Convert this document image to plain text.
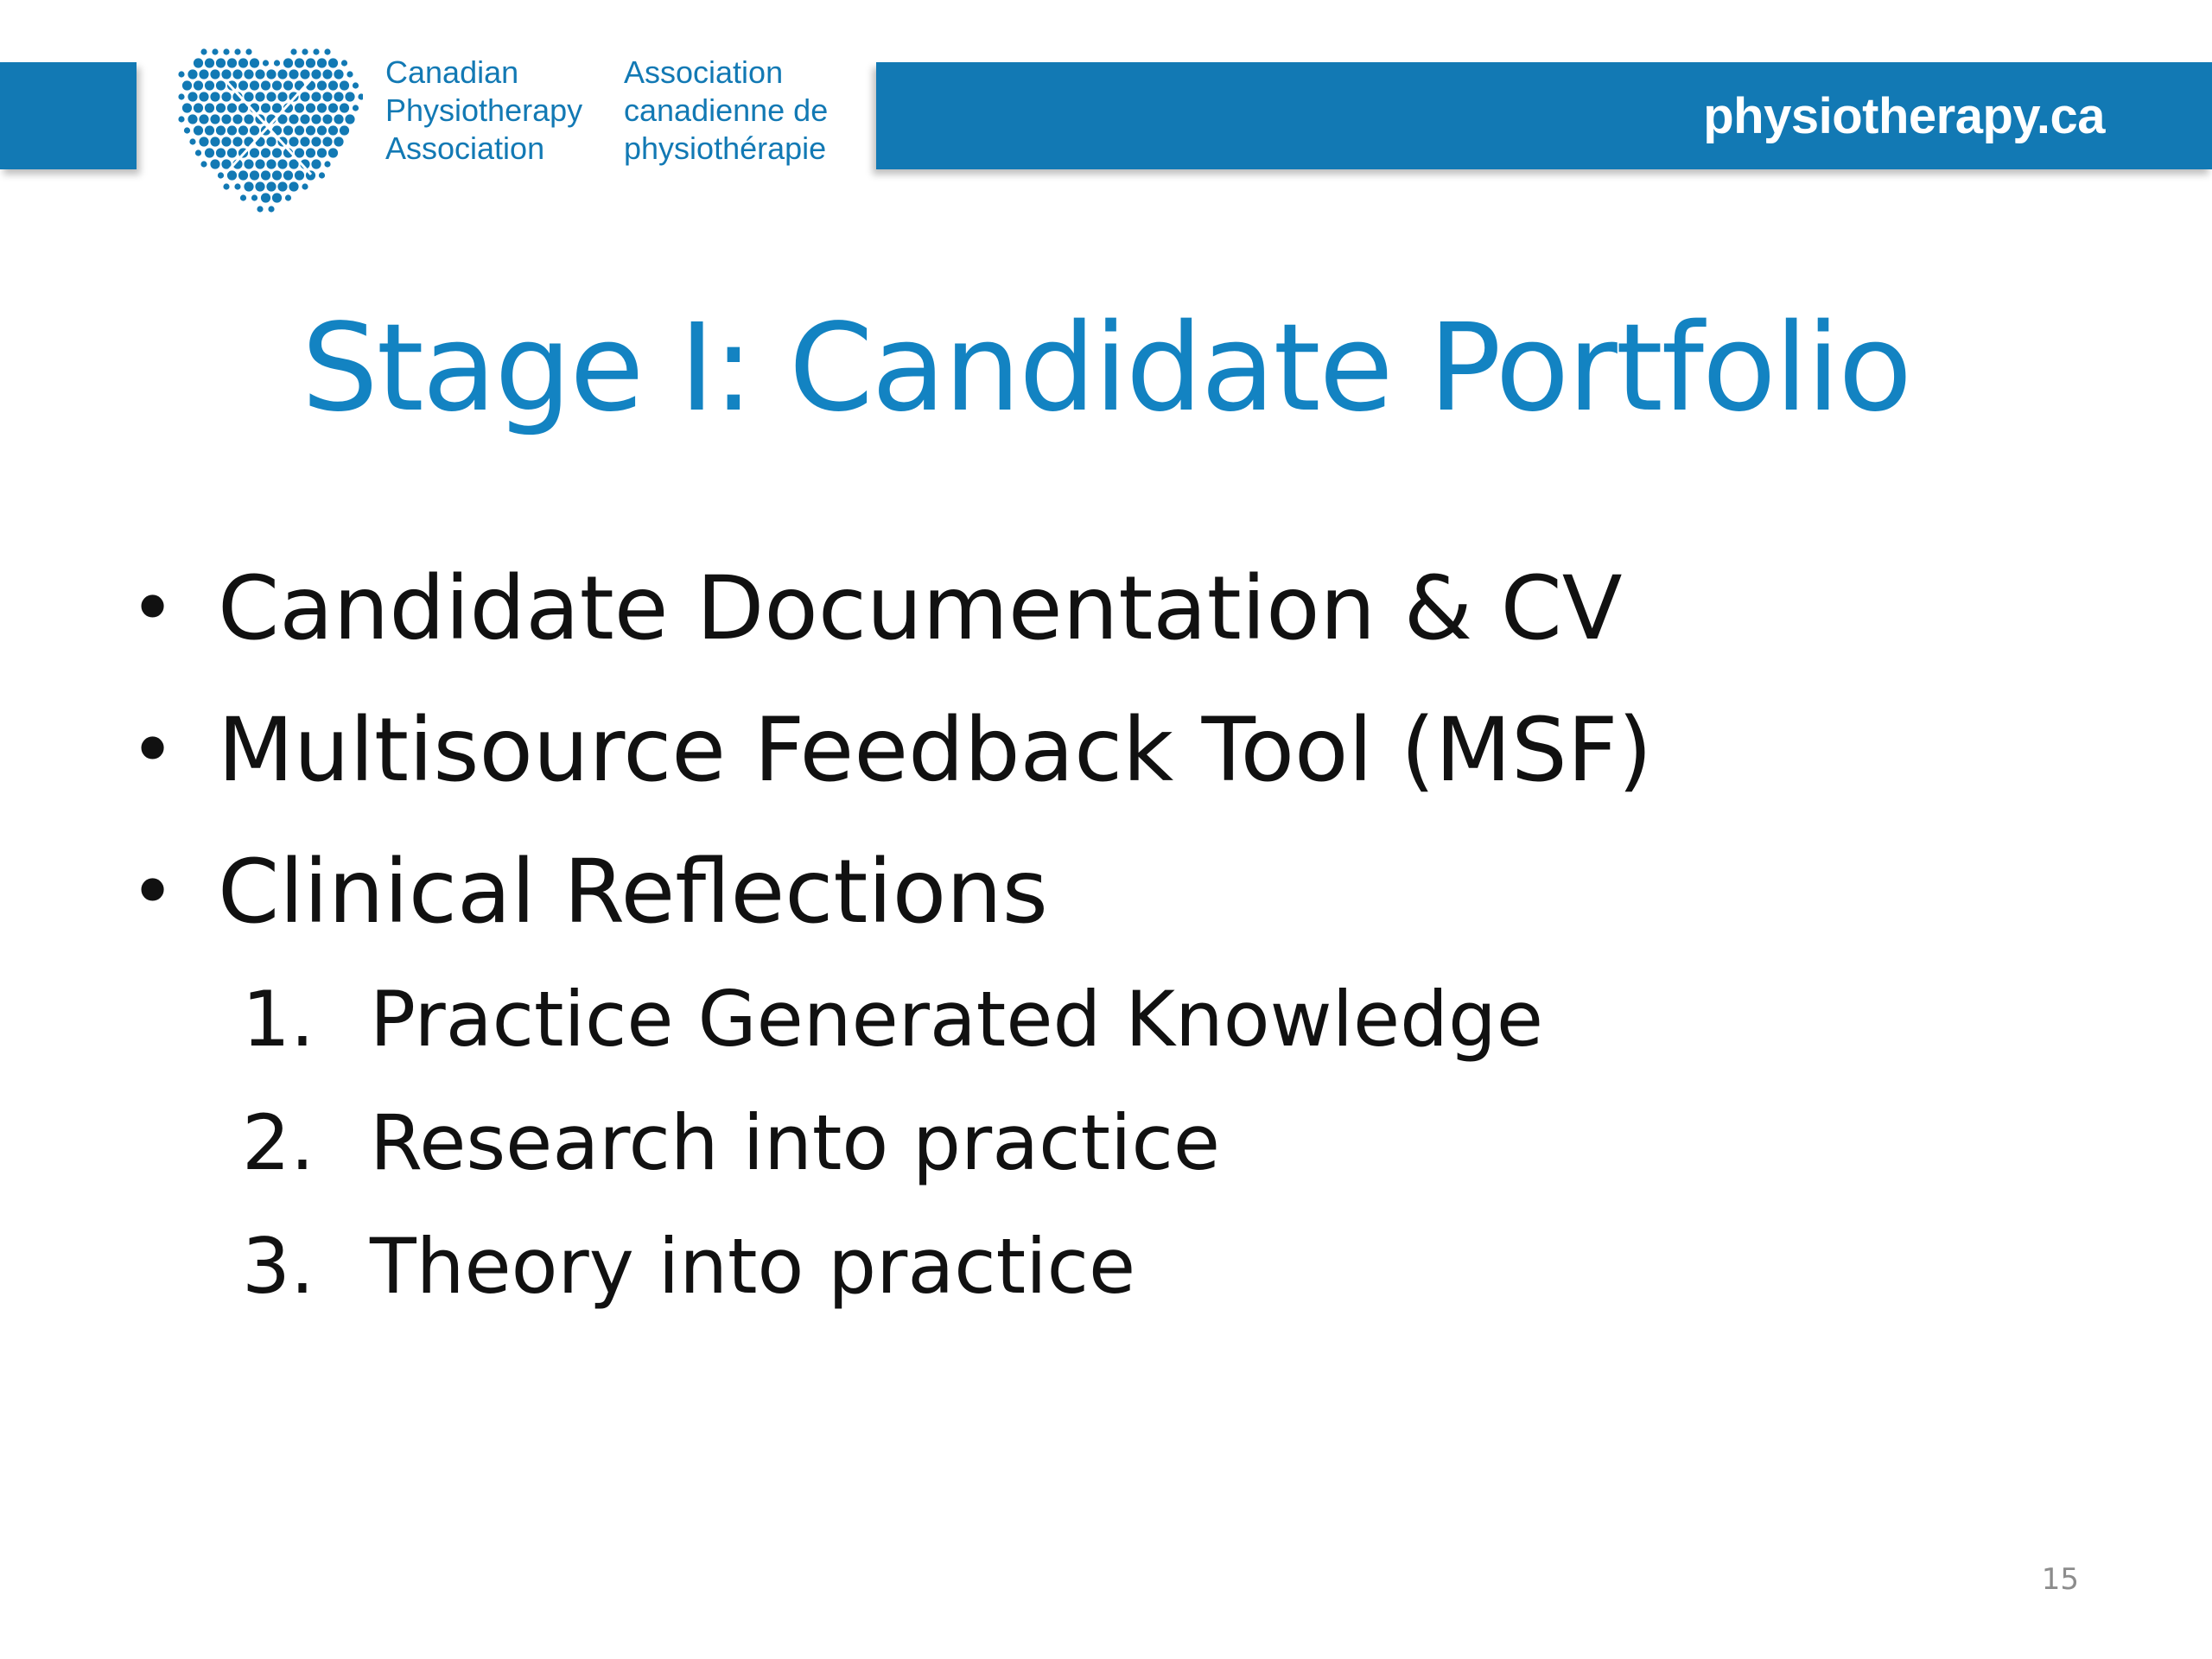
physiotherapy.ca
Canadian
Physiotherapy
Association
Association
canadienne de
physiothérapie
Stage I: Candidate Portfolio
• Candidate Documentation & CV
• Multisource Feedback Tool (MSF)
• Clinical Reflections
1. Practice Generated Knowledge
2. Research into practice
3. Theory into practice
15
